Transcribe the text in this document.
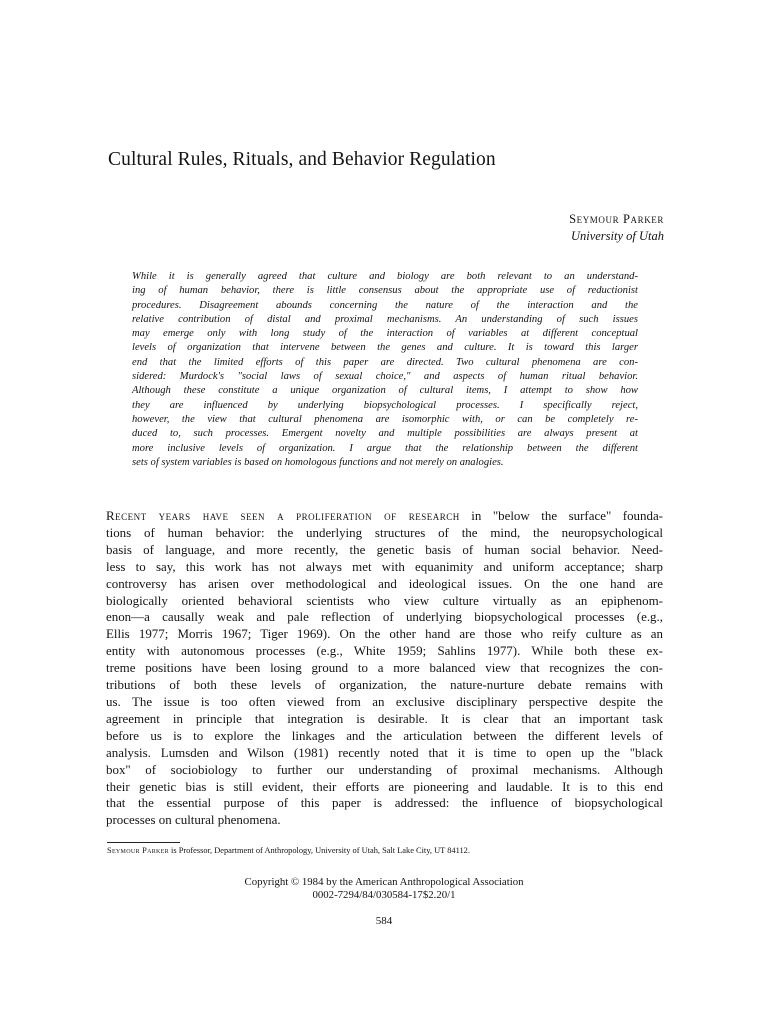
Cultural Rules, Rituals, and Behavior Regulation
Seymour Parker
University of Utah
While it is generally agreed that culture and biology are both relevant to an understand-
ing of human behavior, there is little consensus about the appropriate use of reductionist
procedures. Disagreement abounds concerning the nature of the interaction and the
relative contribution of distal and proximal mechanisms. An understanding of such issues
may emerge only with long study of the interaction of variables at different conceptual
levels of organization that intervene between the genes and culture. It is toward this larger
end that the limited efforts of this paper are directed. Two cultural phenomena are con-
sidered: Murdock's "social laws of sexual choice," and aspects of human ritual behavior.
Although these constitute a unique organization of cultural items, I attempt to show how
they are influenced by underlying biopsychological processes. I specifically reject,
however, the view that cultural phenomena are isomorphic with, or can be completely re-
duced to, such processes. Emergent novelty and multiple possibilities are always present at
more inclusive levels of organization. I argue that the relationship between the different
sets of system variables is based on homologous functions and not merely on analogies.
Recent years have seen a proliferation of research in "below the surface" founda-
tions of human behavior: the underlying structures of the mind, the neuropsychological
basis of language, and more recently, the genetic basis of human social behavior. Need-
less to say, this work has not always met with equanimity and uniform acceptance; sharp
controversy has arisen over methodological and ideological issues. On the one hand are
biologically oriented behavioral scientists who view culture virtually as an epiphenom-
enon—a causally weak and pale reflection of underlying biopsychological processes (e.g.,
Ellis 1977; Morris 1967; Tiger 1969). On the other hand are those who reify culture as an
entity with autonomous processes (e.g., White 1959; Sahlins 1977). While both these ex-
treme positions have been losing ground to a more balanced view that recognizes the con-
tributions of both these levels of organization, the nature-nurture debate remains with
us. The issue is too often viewed from an exclusive disciplinary perspective despite the
agreement in principle that integration is desirable. It is clear that an important task
before us is to explore the linkages and the articulation between the different levels of
analysis. Lumsden and Wilson (1981) recently noted that it is time to open up the "black
box" of sociobiology to further our understanding of proximal mechanisms. Although
their genetic bias is still evident, their efforts are pioneering and laudable. It is to this end
that the essential purpose of this paper is addressed: the influence of biopsychological
processes on cultural phenomena.
Seymour Parker is Professor, Department of Anthropology, University of Utah, Salt Lake City, UT 84112.
Copyright © 1984 by the American Anthropological Association
0002-7294/84/030584-17$2.20/1
584
